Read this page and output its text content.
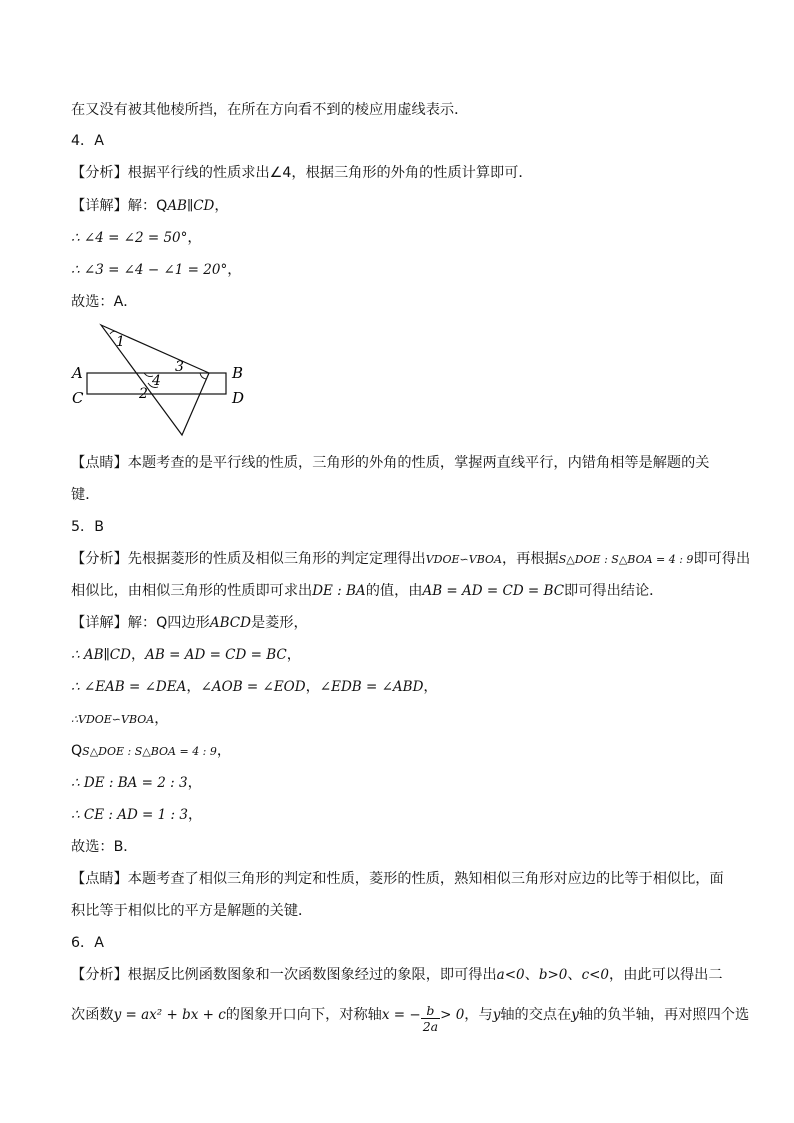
在又没有被其他棱所挡，在所在方向看不到的棱应用虚线表示．
4．A
【分析】根据平行线的性质求出∠4，根据三角形的外角的性质计算即可．
【详解】解：QAB∥CD，
∴ ∠4 = ∠2 = 50°，
∴ ∠3 = ∠4 − ∠1 = 20°，
故选：A．
A	B
C	D
1
3
4
2
【点睛】本题考查的是平行线的性质，三角形的外角的性质，掌握两直线平行，内错角相等是解题的关
键．
5．B
【分析】先根据菱形的性质及相似三角形的判定定理得出VDOE∽VBOA，再根据S△DOE : S△BOA = 4 : 9即可得出
相似比，由相似三角形的性质即可求出DE : BA的值，由AB = AD = CD = BC即可得出结论．
【详解】解：Q四边形ABCD是菱形，
∴ AB∥CD，AB = AD = CD = BC，
∴ ∠EAB = ∠DEA，∠AOB = ∠EOD，∠EDB = ∠ABD，
∴VDOE∽VBOA，
QS△DOE : S△BOA = 4 : 9，
∴ DE : BA = 2 : 3，
∴ CE : AD = 1 : 3，
故选：B．
【点睛】本题考查了相似三角形的判定和性质，菱形的性质，熟知相似三角形对应边的比等于相似比，面
积比等于相似比的平方是解题的关键．
6．A
【分析】根据反比例函数图象和一次函数图象经过的象限，即可得出a<0、b>0、c<0，由此可以得出二
次函数y = ax² + bx + c的图象开口向下，对称轴x = − $\frac{b}{2a} > 0$，与y轴的交点在y轴的负半轴，再对照四个选
